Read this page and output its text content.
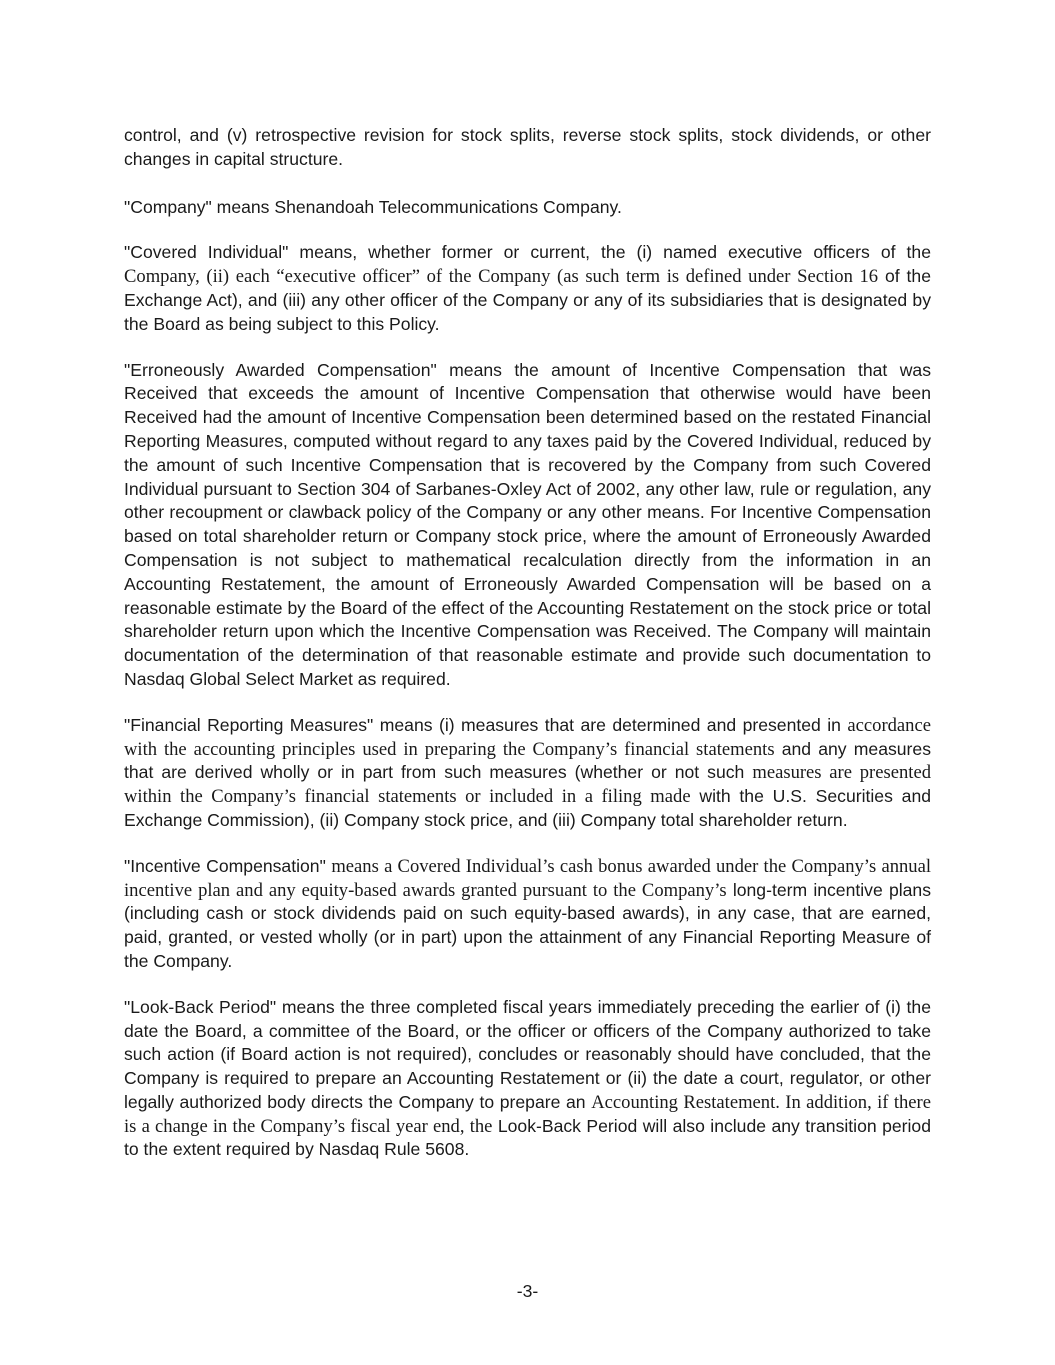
control, and (v) retrospective revision for stock splits, reverse stock splits, stock dividends, or other changes in capital structure.

"Company" means Shenandoah Telecommunications Company.

"Covered Individual" means, whether former or current, the (i) named executive officers of the Company, (ii) each “executive officer” of the Company (as such term is defined under Section 16 of the Exchange Act), and (iii) any other officer of the Company or any of its subsidiaries that is designated by the Board as being subject to this Policy.

"Erroneously Awarded Compensation" means the amount of Incentive Compensation that was Received that exceeds the amount of Incentive Compensation that otherwise would have been Received had the amount of Incentive Compensation been determined based on the restated Financial Reporting Measures, computed without regard to any taxes paid by the Covered Individual, reduced by the amount of such Incentive Compensation that is recovered by the Company from such Covered Individual pursuant to Section 304 of Sarbanes-Oxley Act of 2002, any other law, rule or regulation, any other recoupment or clawback policy of the Company or any other means. For Incentive Compensation based on total shareholder return or Company stock price, where the amount of Erroneously Awarded Compensation is not subject to mathematical recalculation directly from the information in an Accounting Restatement, the amount of Erroneously Awarded Compensation will be based on a reasonable estimate by the Board of the effect of the Accounting Restatement on the stock price or total shareholder return upon which the Incentive Compensation was Received. The Company will maintain documentation of the determination of that reasonable estimate and provide such documentation to Nasdaq Global Select Market as required.

"Financial Reporting Measures" means (i) measures that are determined and presented in accordance with the accounting principles used in preparing the Company’s financial statements and any measures that are derived wholly or in part from such measures (whether or not such measures are presented within the Company’s financial statements or included in a filing made with the U.S. Securities and Exchange Commission), (ii) Company stock price, and (iii) Company total shareholder return.

"Incentive Compensation" means a Covered Individual’s cash bonus awarded under the Company’s annual incentive plan and any equity-based awards granted pursuant to the Company’s long-term incentive plans (including cash or stock dividends paid on such equity-based awards), in any case, that are earned, paid, granted, or vested wholly (or in part) upon the attainment of any Financial Reporting Measure of the Company.

"Look-Back Period" means the three completed fiscal years immediately preceding the earlier of (i) the date the Board, a committee of the Board, or the officer or officers of the Company authorized to take such action (if Board action is not required), concludes or reasonably should have concluded, that the Company is required to prepare an Accounting Restatement or (ii) the date a court, regulator, or other legally authorized body directs the Company to prepare an Accounting Restatement. In addition, if there is a change in the Company’s fiscal year end, the Look-Back Period will also include any transition period to the extent required by Nasdaq Rule 5608.

-3-
